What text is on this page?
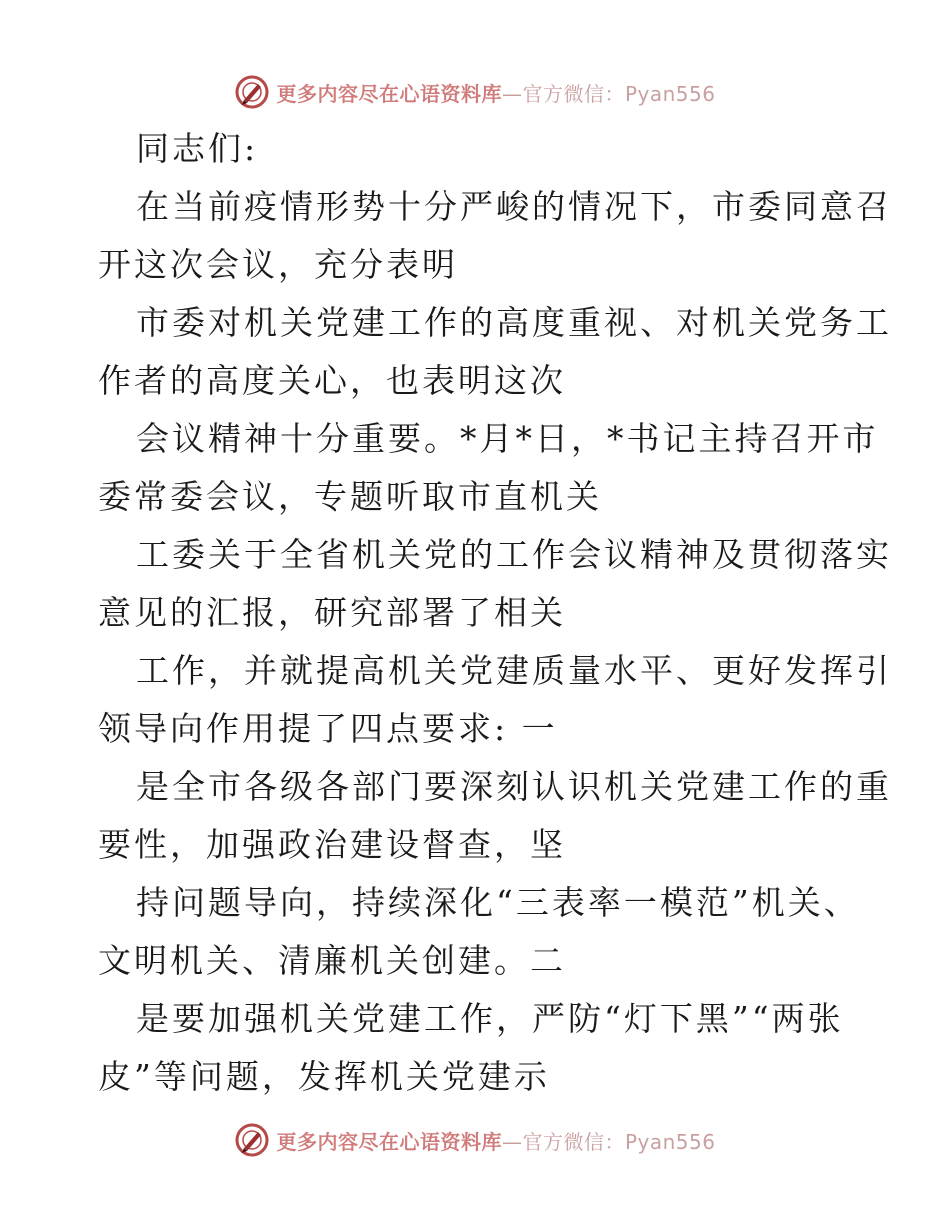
更多内容尽在心语资料库—官方微信：Pyan556
同志们:
在当前疫情形势十分严峻的情况下，市委同意召
开这次会议，充分表明
市委对机关党建工作的高度重视、对机关党务工
作者的高度关心，也表明这次
会议精神十分重要。*月*日，*书记主持召开市
委常委会议，专题听取市直机关
工委关于全省机关党的工作会议精神及贯彻落实
意见的汇报，研究部署了相关
工作，并就提高机关党建质量水平、更好发挥引
领导向作用提了四点要求: 一
是全市各级各部门要深刻认识机关党建工作的重
要性，加强政治建设督查，坚
持问题导向，持续深化“三表率一模范”机关、
文明机关、清廉机关创建。二
是要加强机关党建工作，严防“灯下黑”“两张
皮”等问题，发挥机关党建示
更多内容尽在心语资料库—官方微信：Pyan556
